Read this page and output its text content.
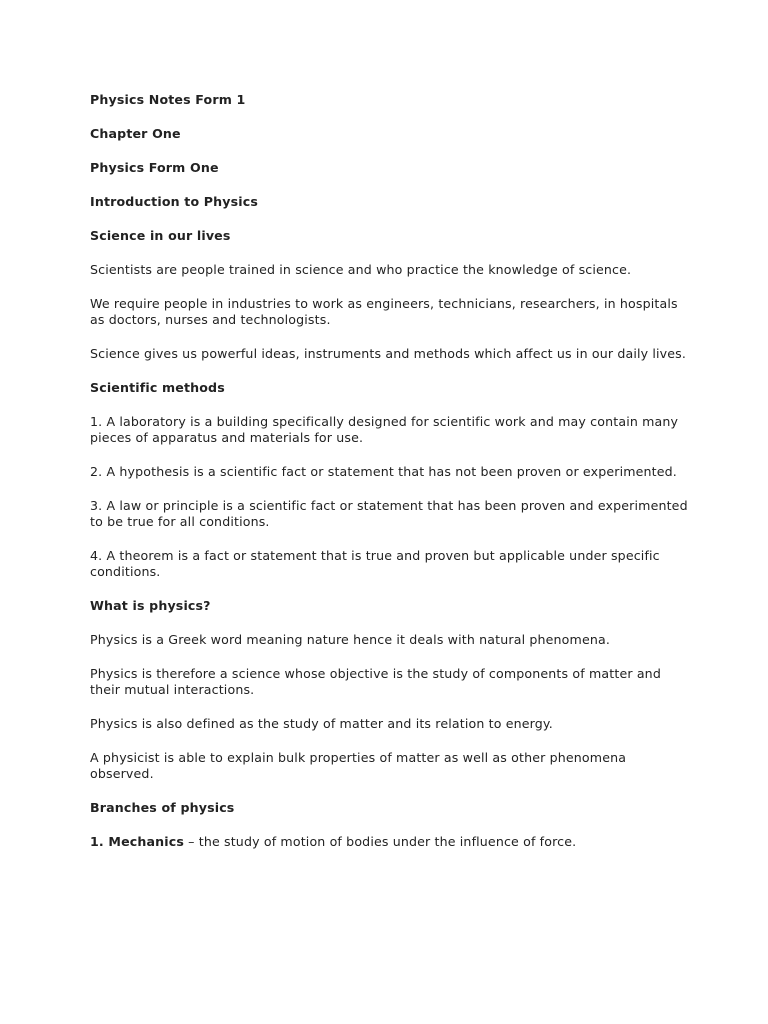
Physics Notes Form 1
Chapter One
Physics Form One
Introduction to Physics
Science in our lives
Scientists are people trained in science and who practice the knowledge of science.
We require people in industries to work as engineers, technicians, researchers, in hospitals as doctors, nurses and technologists.
Science gives us powerful ideas, instruments and methods which affect us in our daily lives.
Scientific methods
1. A laboratory is a building specifically designed for scientific work and may contain many pieces of apparatus and materials for use.
2. A hypothesis is a scientific fact or statement that has not been proven or experimented.
3. A law or principle is a scientific fact or statement that has been proven and experimented to be true for all conditions.
4. A theorem is a fact or statement that is true and proven but applicable under specific conditions.
What is physics?
Physics is a Greek word meaning nature hence it deals with natural phenomena.
Physics is therefore a science whose objective is the study of components of matter and their mutual interactions.
Physics is also defined as the study of matter and its relation to energy.
A physicist is able to explain bulk properties of matter as well as other phenomena observed.
Branches of physics
1. Mechanics – the study of motion of bodies under the influence of force.
